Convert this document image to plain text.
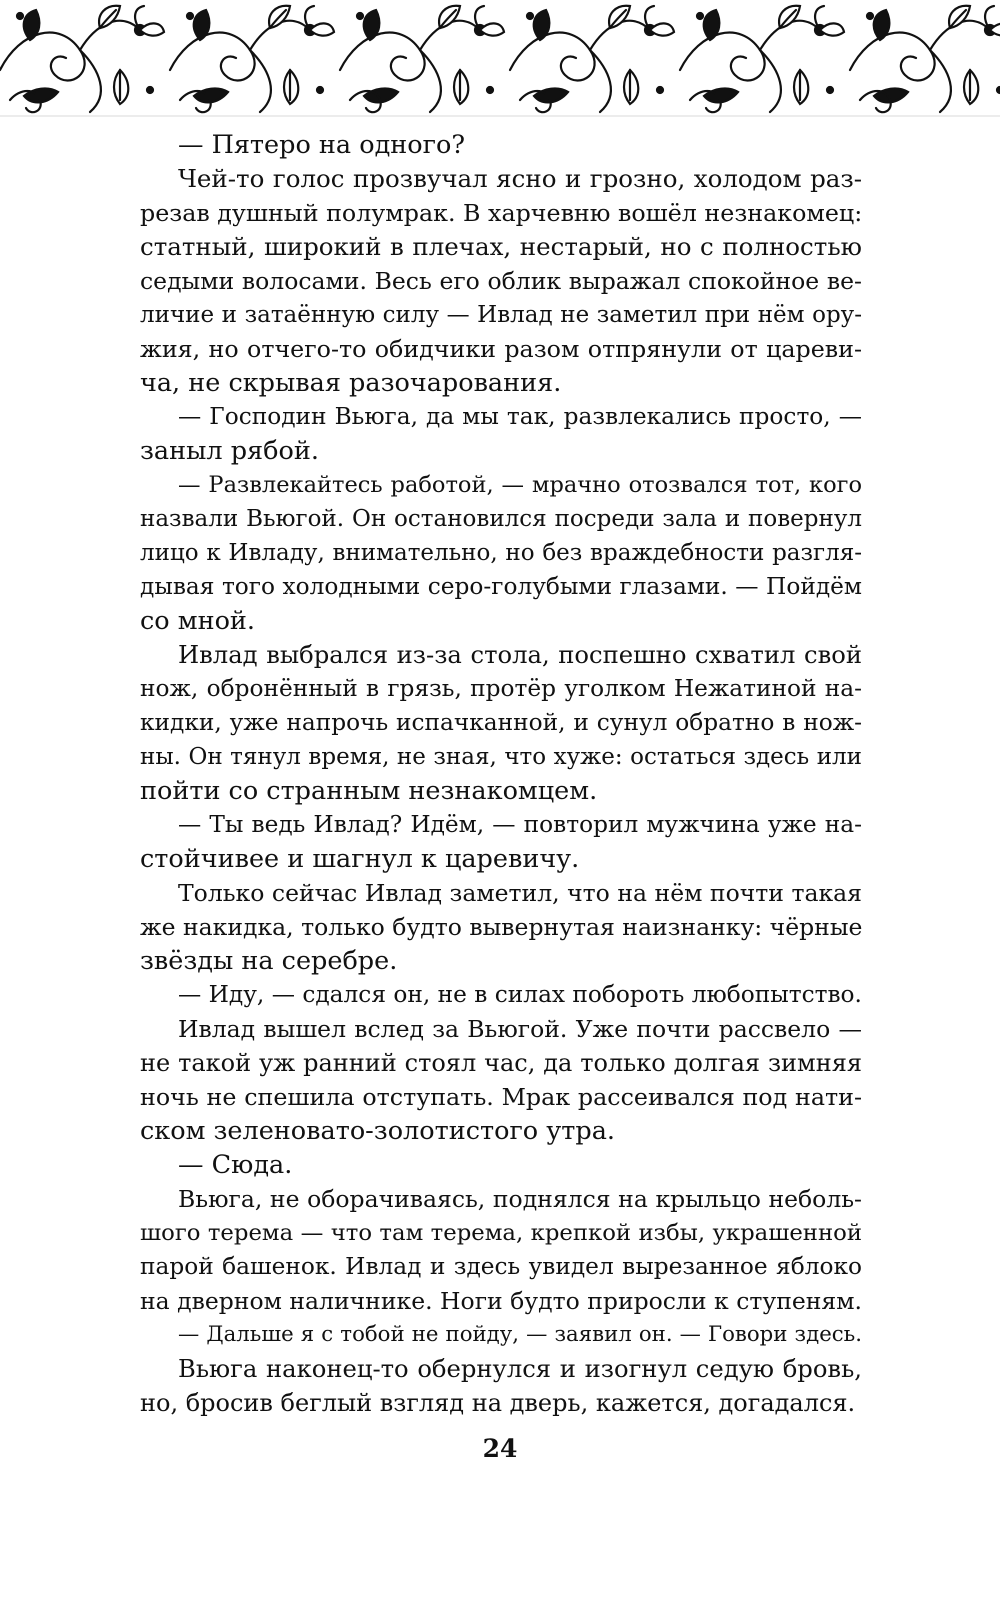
— Пятеро на одного?
Чей-то голос прозвучал ясно и грозно, холодом раз-
резав душный полумрак. В харчевню вошёл незнакомец:
статный, широкий в плечах, нестарый, но с полностью
седыми волосами. Весь его облик выражал спокойное ве-
личие и затаённую силу — Ивлад не заметил при нём ору-
жия, но отчего-то обидчики разом отпрянули от цареви-
ча, не скрывая разочарования.
— Господин Вьюга, да мы так, развлекались просто, —
заныл рябой.
— Развлекайтесь работой, — мрачно отозвался тот, кого
назвали Вьюгой. Он остановился посреди зала и повернул
лицо к Ивладу, внимательно, но без враждебности разгля-
дывая того холодными серо-голубыми глазами. — Пойдём
со мной.
Ивлад выбрался из-за стола, поспешно схватил свой
нож, обронённый в грязь, протёр уголком Нежатиной на-
кидки, уже напрочь испачканной, и сунул обратно в нож-
ны. Он тянул время, не зная, что хуже: остаться здесь или
пойти со странным незнакомцем.
— Ты ведь Ивлад? Идём, — повторил мужчина уже на-
стойчивее и шагнул к царевичу.
Только сейчас Ивлад заметил, что на нём почти такая
же накидка, только будто вывернутая наизнанку: чёрные
звёзды на серебре.
— Иду, — сдался он, не в силах побороть любопытство.
Ивлад вышел вслед за Вьюгой. Уже почти рассвело —
не такой уж ранний стоял час, да только долгая зимняя
ночь не спешила отступать. Мрак рассеивался под нати-
ском зеленовато-золотистого утра.
— Сюда.
Вьюга, не оборачиваясь, поднялся на крыльцо неболь-
шого терема — что там терема, крепкой избы, украшенной
парой башенок. Ивлад и здесь увидел вырезанное яблоко
на дверном наличнике. Ноги будто приросли к ступеням.
— Дальше я с тобой не пойду, — заявил он. — Говори здесь.
Вьюга наконец-то обернулся и изогнул седую бровь,
но, бросив беглый взгляд на дверь, кажется, догадался.
24
